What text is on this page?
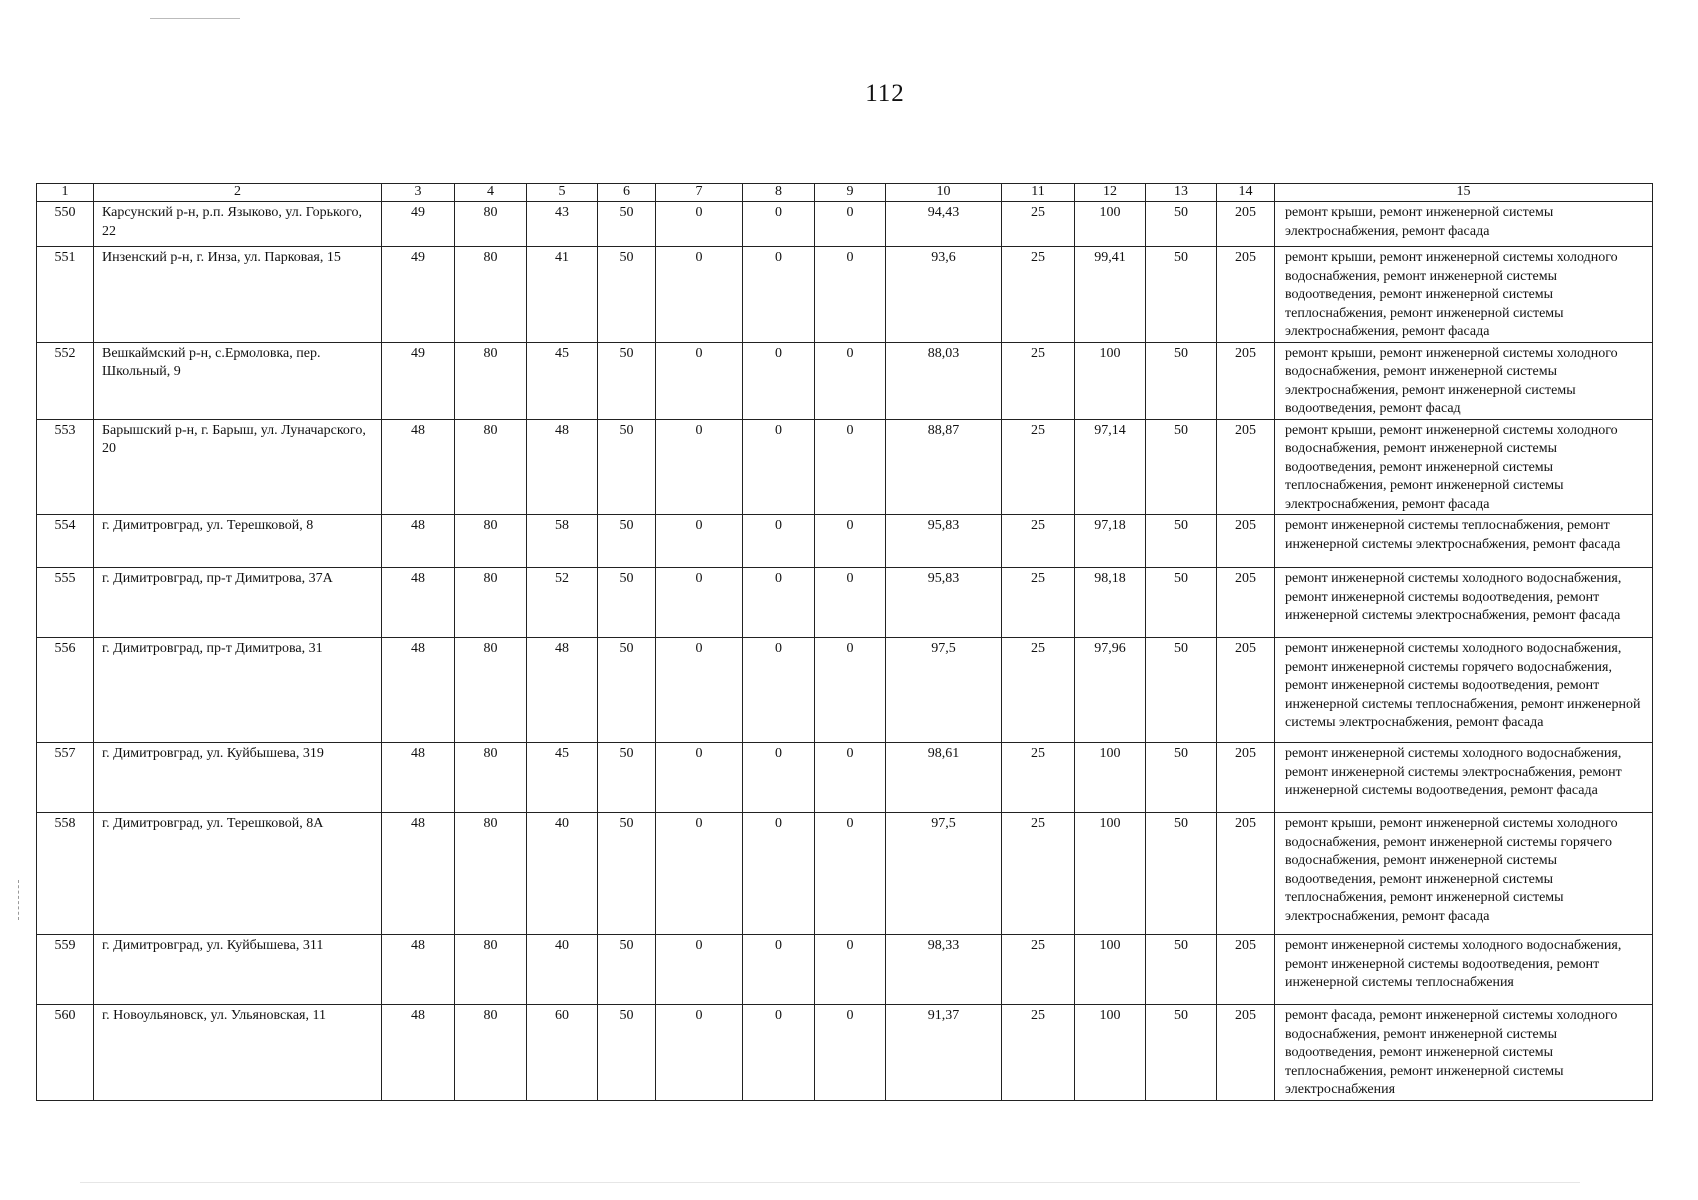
112
1	2	3	4	5	6	7	8	9	10	11	12	13	14	15
550	Карсунский р-н, р.п. Языково, ул. Горького, 22	49	80	43	50	0	0	0	94,43	25	100	50	205	ремонт крыши, ремонт инженерной системы электроснабжения, ремонт фасада
551	Инзенский р-н, г. Инза, ул. Парковая, 15	49	80	41	50	0	0	0	93,6	25	99,41	50	205	ремонт крыши, ремонт инженерной системы холодного водоснабжения, ремонт инженерной системы водоотведения, ремонт инженерной системы теплоснабжения, ремонт инженерной системы электроснабжения, ремонт фасада
552	Вешкаймский р-н, с.Ермоловка, пер. Школьный, 9	49	80	45	50	0	0	0	88,03	25	100	50	205	ремонт крыши, ремонт инженерной системы холодного водоснабжения, ремонт инженерной системы электроснабжения, ремонт инженерной системы водоотведения, ремонт фасад
553	Барышский р-н, г. Барыш, ул. Луначарского, 20	48	80	48	50	0	0	0	88,87	25	97,14	50	205	ремонт крыши, ремонт инженерной системы холодного водоснабжения, ремонт инженерной системы водоотведения, ремонт инженерной системы теплоснабжения, ремонт инженерной системы электроснабжения, ремонт фасада
554	г. Димитровград, ул. Терешковой, 8	48	80	58	50	0	0	0	95,83	25	97,18	50	205	ремонт инженерной системы теплоснабжения, ремонт инженерной системы электроснабжения, ремонт фасада
555	г. Димитровград, пр-т Димитрова, 37А	48	80	52	50	0	0	0	95,83	25	98,18	50	205	ремонт инженерной системы холодного водоснабжения, ремонт инженерной системы водоотведения, ремонт инженерной системы электроснабжения, ремонт фасада
556	г. Димитровград, пр-т Димитрова, 31	48	80	48	50	0	0	0	97,5	25	97,96	50	205	ремонт инженерной системы холодного водоснабжения, ремонт инженерной системы горячего водоснабжения, ремонт инженерной системы водоотведения, ремонт инженерной системы теплоснабжения, ремонт инженерной системы электроснабжения, ремонт фасада
557	г. Димитровград, ул. Куйбышева, 319	48	80	45	50	0	0	0	98,61	25	100	50	205	ремонт инженерной системы холодного водоснабжения, ремонт инженерной системы электроснабжения, ремонт инженерной системы водоотведения, ремонт фасада
558	г. Димитровград, ул. Терешковой, 8А	48	80	40	50	0	0	0	97,5	25	100	50	205	ремонт крыши, ремонт инженерной системы холодного водоснабжения, ремонт инженерной системы горячего водоснабжения, ремонт инженерной системы водоотведения, ремонт инженерной системы теплоснабжения, ремонт инженерной системы электроснабжения, ремонт фасада
559	г. Димитровград, ул. Куйбышева, 311	48	80	40	50	0	0	0	98,33	25	100	50	205	ремонт инженерной системы холодного водоснабжения, ремонт инженерной системы водоотведения, ремонт инженерной системы теплоснабжения
560	г. Новоульяновск, ул. Ульяновская, 11	48	80	60	50	0	0	0	91,37	25	100	50	205	ремонт фасада, ремонт инженерной системы холодного водоснабжения, ремонт инженерной системы водоотведения, ремонт инженерной системы теплоснабжения, ремонт инженерной системы электроснабжения
